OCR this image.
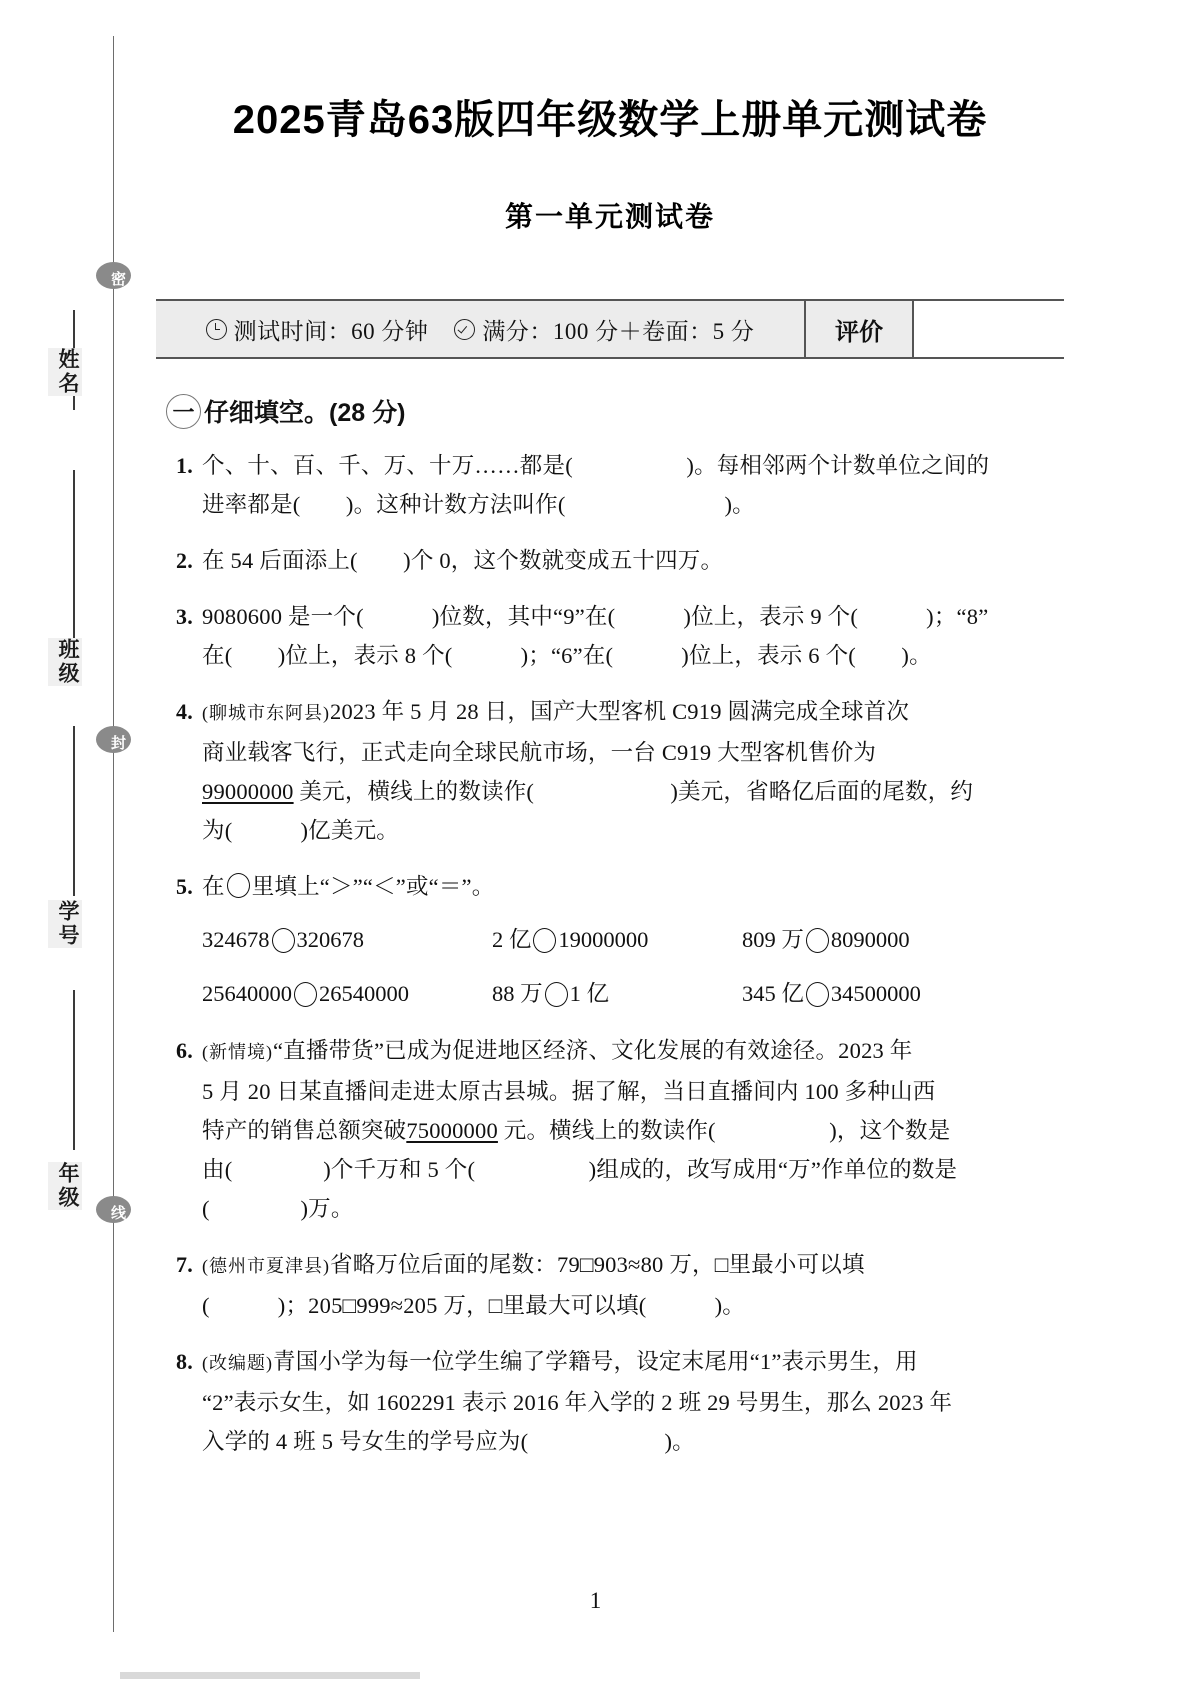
密
封
线
姓名
班级
学号
年级
2025青岛63版四年级数学上册单元测试卷
第一单元测试卷
测试时间：60 分钟 满分：100 分＋卷面：5 分	评价
一 仔细填空。(28 分)
1. 个、十、百、千、万、十万……都是(　　　　　)。每相邻两个计数单位之间的
进率都是(　　)。这种计数方法叫作(　　　　　　　)。
2. 在 54 后面添上(　　)个 0，这个数就变成五十四万。
3. 9080600 是一个(　　　)位数，其中“9”在(　　　)位上，表示 9 个(　　　)；“8”
在(　　)位上，表示 8 个(　　　)；“6”在(　　　)位上，表示 6 个(　　)。
4. (聊城市东阿县)2023 年 5 月 28 日，国产大型客机 C919 圆满完成全球首次
商业载客飞行，正式走向全球民航市场，一台 C919 大型客机售价为
99000000 美元，横线上的数读作(　　　　　　)美元，省略亿后面的尾数，约
为(　　　)亿美元。
5. 在 里填上“＞”“＜”或“＝”。
324678 320678	2 亿 19000000	809 万 8090000
25640000 26540000	88 万 1 亿	345 亿 34500000
6. (新情境)“直播带货”已成为促进地区经济、文化发展的有效途径。2023 年
5 月 20 日某直播间走进太原古县城。据了解，当日直播间内 100 多种山西
特产的销售总额突破75000000 元。横线上的数读作(　　　　　)，这个数是
由(　　　　)个千万和 5 个(　　　　　)组成的，改写成用“万”作单位的数是
(　　　　)万。
7. (德州市夏津县)省略万位后面的尾数：79□903≈80 万，□里最小可以填
(　　　)；205□999≈205 万，□里最大可以填(　　　)。
8. (改编题)青国小学为每一位学生编了学籍号，设定末尾用“1”表示男生，用
“2”表示女生，如 1602291 表示 2016 年入学的 2 班 29 号男生，那么 2023 年
入学的 4 班 5 号女生的学号应为(　　　　　　)。
1
